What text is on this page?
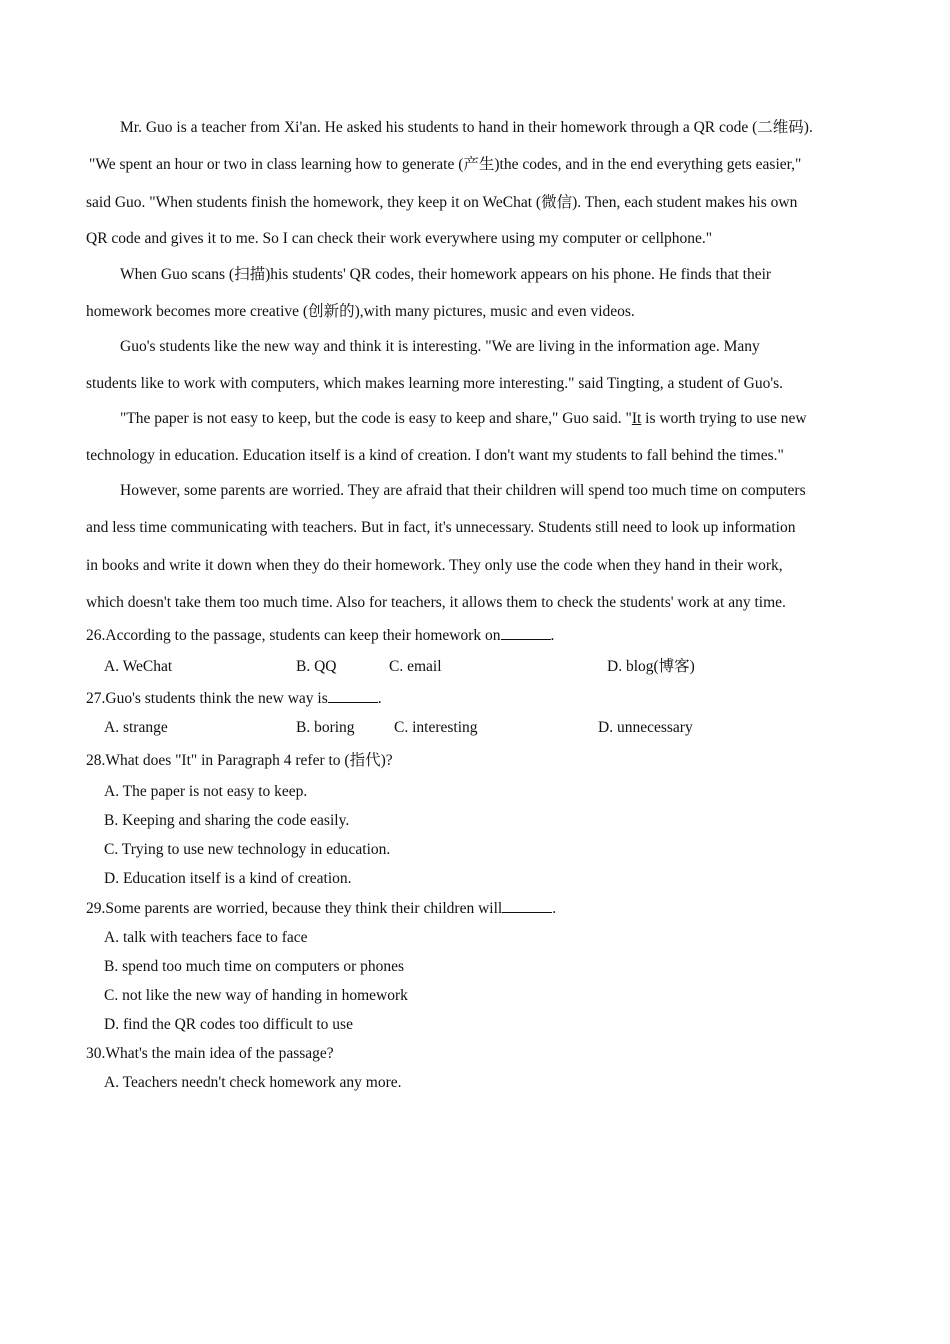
Mr. Guo is a teacher from Xi'an. He asked his students to hand in their homework through a QR code (二维码).
"We spent an hour or two in class learning how to generate (产生)the codes, and in the end everything gets easier,"
said Guo. "When students finish the homework, they keep it on WeChat (微信). Then, each student makes his own
QR code and gives it to me. So I can check their work everywhere using my computer or cellphone."
When Guo scans (扫描)his students' QR codes, their homework appears on his phone. He finds that their
homework becomes more creative (创新的),with many pictures, music and even videos.
Guo's students like the new way and think it is interesting. "We are living in the information age. Many
students like to work with computers, which makes learning more interesting." said Tingting, a student of Guo's.
"The paper is not easy to keep, but the code is easy to keep and share," Guo said. "It is worth trying to use new
technology in education. Education itself is a kind of creation. I don't want my students to fall behind the times."
However, some parents are worried. They are afraid that their children will spend too much time on computers
and less time communicating with teachers. But in fact, it's unnecessary. Students still need to look up information
in books and write it down when they do their homework. They only use the code when they hand in their work,
which doesn't take them too much time. Also for teachers, it allows them to check the students' work at any time.
26.According to the passage, students can keep their homework on	.
A. WeChat	B. QQ	C. email	D. blog(博客)
27.Guo's students think the new way is	.
A. strange	B. boring	C. interesting	D. unnecessary
28.What does "It" in Paragraph 4 refer to (指代)?
A. The paper is not easy to keep.
B. Keeping and sharing the code easily.
C. Trying to use new technology in education.
D. Education itself is a kind of creation.
29.Some parents are worried, because they think their children will	.
A. talk with teachers face to face
B. spend too much time on computers or phones
C. not like the new way of handing in homework
D. find the QR codes too difficult to use
30.What's the main idea of the passage?
A. Teachers needn't check homework any more.
